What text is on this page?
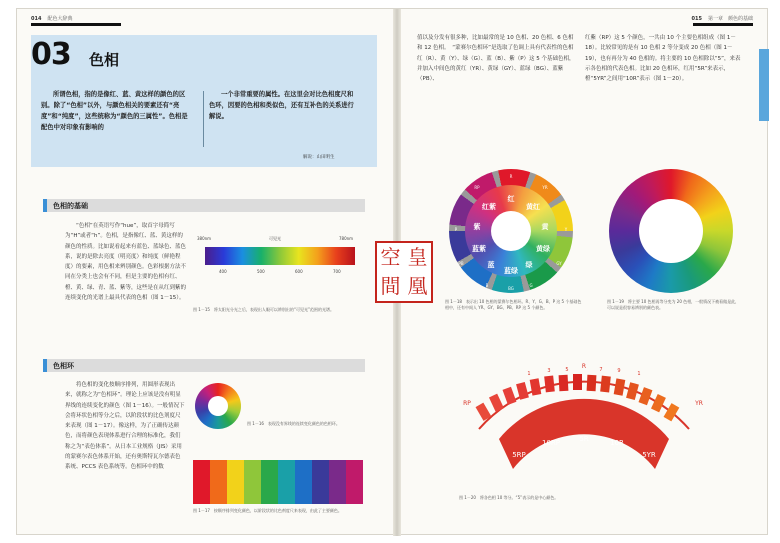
014 配色大辞典
03 色相

所谓色相，指的是像红、蓝、黄这样的颜色的区别。除了“色相”以外，与颜色相关的要素还有“亮度”和“纯度”，这些统称为“颜色的三属性”。色相是配色中对印象有影响的

一个非常重要的属性。在这里会对比色相度尺和色环，因要的色相和类似色，还有互补色的关系进行解说。

解说：山田明生
色相的基础

“色相”在英语写作“hue”，取首字母简写为“H”或者“h”。色相，是指像红、蓝、黄这样的颜色的性质。比如说看起来有蓝色、蓝绿色、蓝色系，说的是除去亮度（明亮度）和纯度（鲜艳程度）的要素，用色相来辨别颜色。色彩根据方法不同在分类上也会有不同，但是主要的色相有红、橙、黄、绿、青、蓝、紫等，这些是在从红到紫的连续变化的光谱上最具代表的色相（图 1－15）。

380nm	可见光	780nm
400	500	600	700

图 1－15　将太阳光分光之后，表现出人眼可以辨别出的“可见光”范围的光谱。

色相环

将色相的变化按顺序排列，用圆形表现出来，就称之为“色相环”。理论上应该是没有明显界线的连续变化的颜色（图 1－16）。一般情况下会将环状色相等分之后，以阶段状的比色剂度尺来表现（图 1－17）。像这样，为了正确传达颜色，而将颜色表现体系进行合理的标准化，我们称之为“表色体系”。从日本工业规格（JIS）采用的蒙赛尔表色体系开始，还有奥斯特瓦尔德表色系统、PCCS 表色系统等。色相环中的数

图 1－16　表现没有界线的连续变化颜色的色相环。

图 1－17　按顺序排列变化颜色，以阶段状的比色剂度尺来表现，由此了主要颜色。

015 第一章　颜色的基础

值以及分发有很多种，比如最常的是 10 色相、20 色相、6 色相和 12 色相。　“蒙赛尔色相环”是选取了色调上具有代表性的色相红（R）、黄（Y）、绿（G）、蓝（B）、紫（P）这 5 个基础色相，并加入中间色的黄红（YR）、黄绿（GY）、蓝绿（BG）、蓝紫（PB）、

红紫（RP）这 5 个颜色，一共由 10 个主要色相组成（图 1－18）。比较常见的是有 10 色相 2 等分变成 20 色相（图 1－19），也有再分为 40 色相的。将主要的 10 色相除以“5”，来表示各色相的代表色相。比如 20 色相环，红用“5R”来表示，橙“5YR”之间用“10R”表示（图 1－20）。

红
黄红
黄
黄绿
绿
蓝绿
蓝
蓝紫
紫
红紫
R
YR
Y
GY
G
BG
B
PB
P
RP

图 1－18　表示出 10 色相的蒙赛尔色相环。R、Y、G、B、P 这 5 个基础色相中，还有中间人 YR、GY、BG、PB、RP 这 5 个颜色。

图 1－19　将主要 10 色相再等分变为 20 色相，一般情况下被看做是此，可以说是很容易辨别的颜色表。

RP
R
YR
1	3	5	7	9	1
5RP
10RP	5R	10R
5YR

图 1－20　将各色相 10 等分。“5”表示的是中心颜色。

空 皇
間 凰
